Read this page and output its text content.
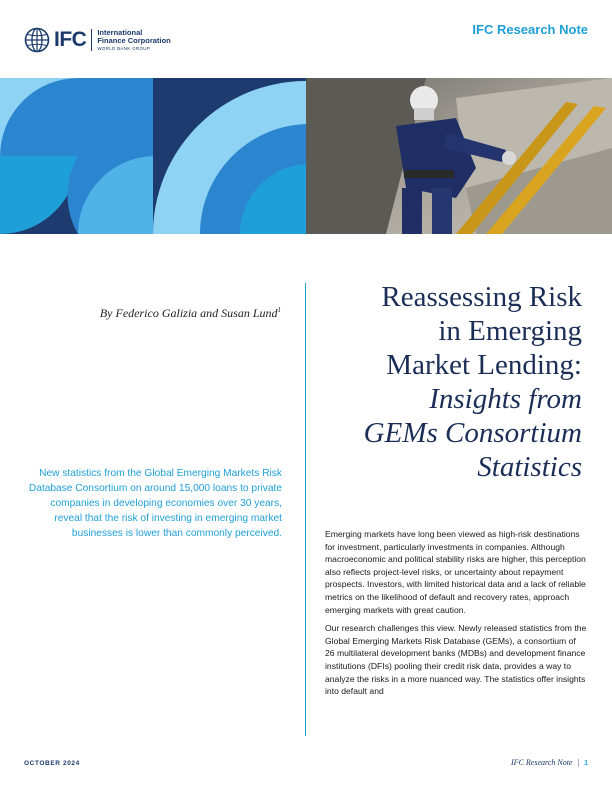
IFC International
Finance Corporation
WORLD BANK GROUP
IFC Research Note
By Federico Galizia and Susan Lund$^1$	Reassessing Risk
in Emerging
Market Lending:
Insights from
GEMs Consortium
Statistics
New statistics from the Global Emerging Markets Risk Database Consortium on around 15,000 loans to private companies in developing economies over 30 years, reveal that the risk of investing in emerging market businesses is lower than commonly perceived.	Emerging markets have long been viewed as high-risk destinations for investment, particularly investments in companies. Although macroeconomic and political stability risks are higher, this perception also reflects project-level risks, or uncertainty about repayment prospects. Investors, with limited historical data and a lack of reliable metrics on the likelihood of default and recovery rates, approach emerging markets with great caution.

Our research challenges this view. Newly released statistics from the Global Emerging Markets Risk Database (GEMs), a consortium of 26 multilateral development banks (MDBs) and development finance institutions (DFIs) pooling their credit risk data, provides a way to analyze the risks in a more nuanced way. The statistics offer insights into default and

OCTOBER 2024	IFC Research Note | 1
